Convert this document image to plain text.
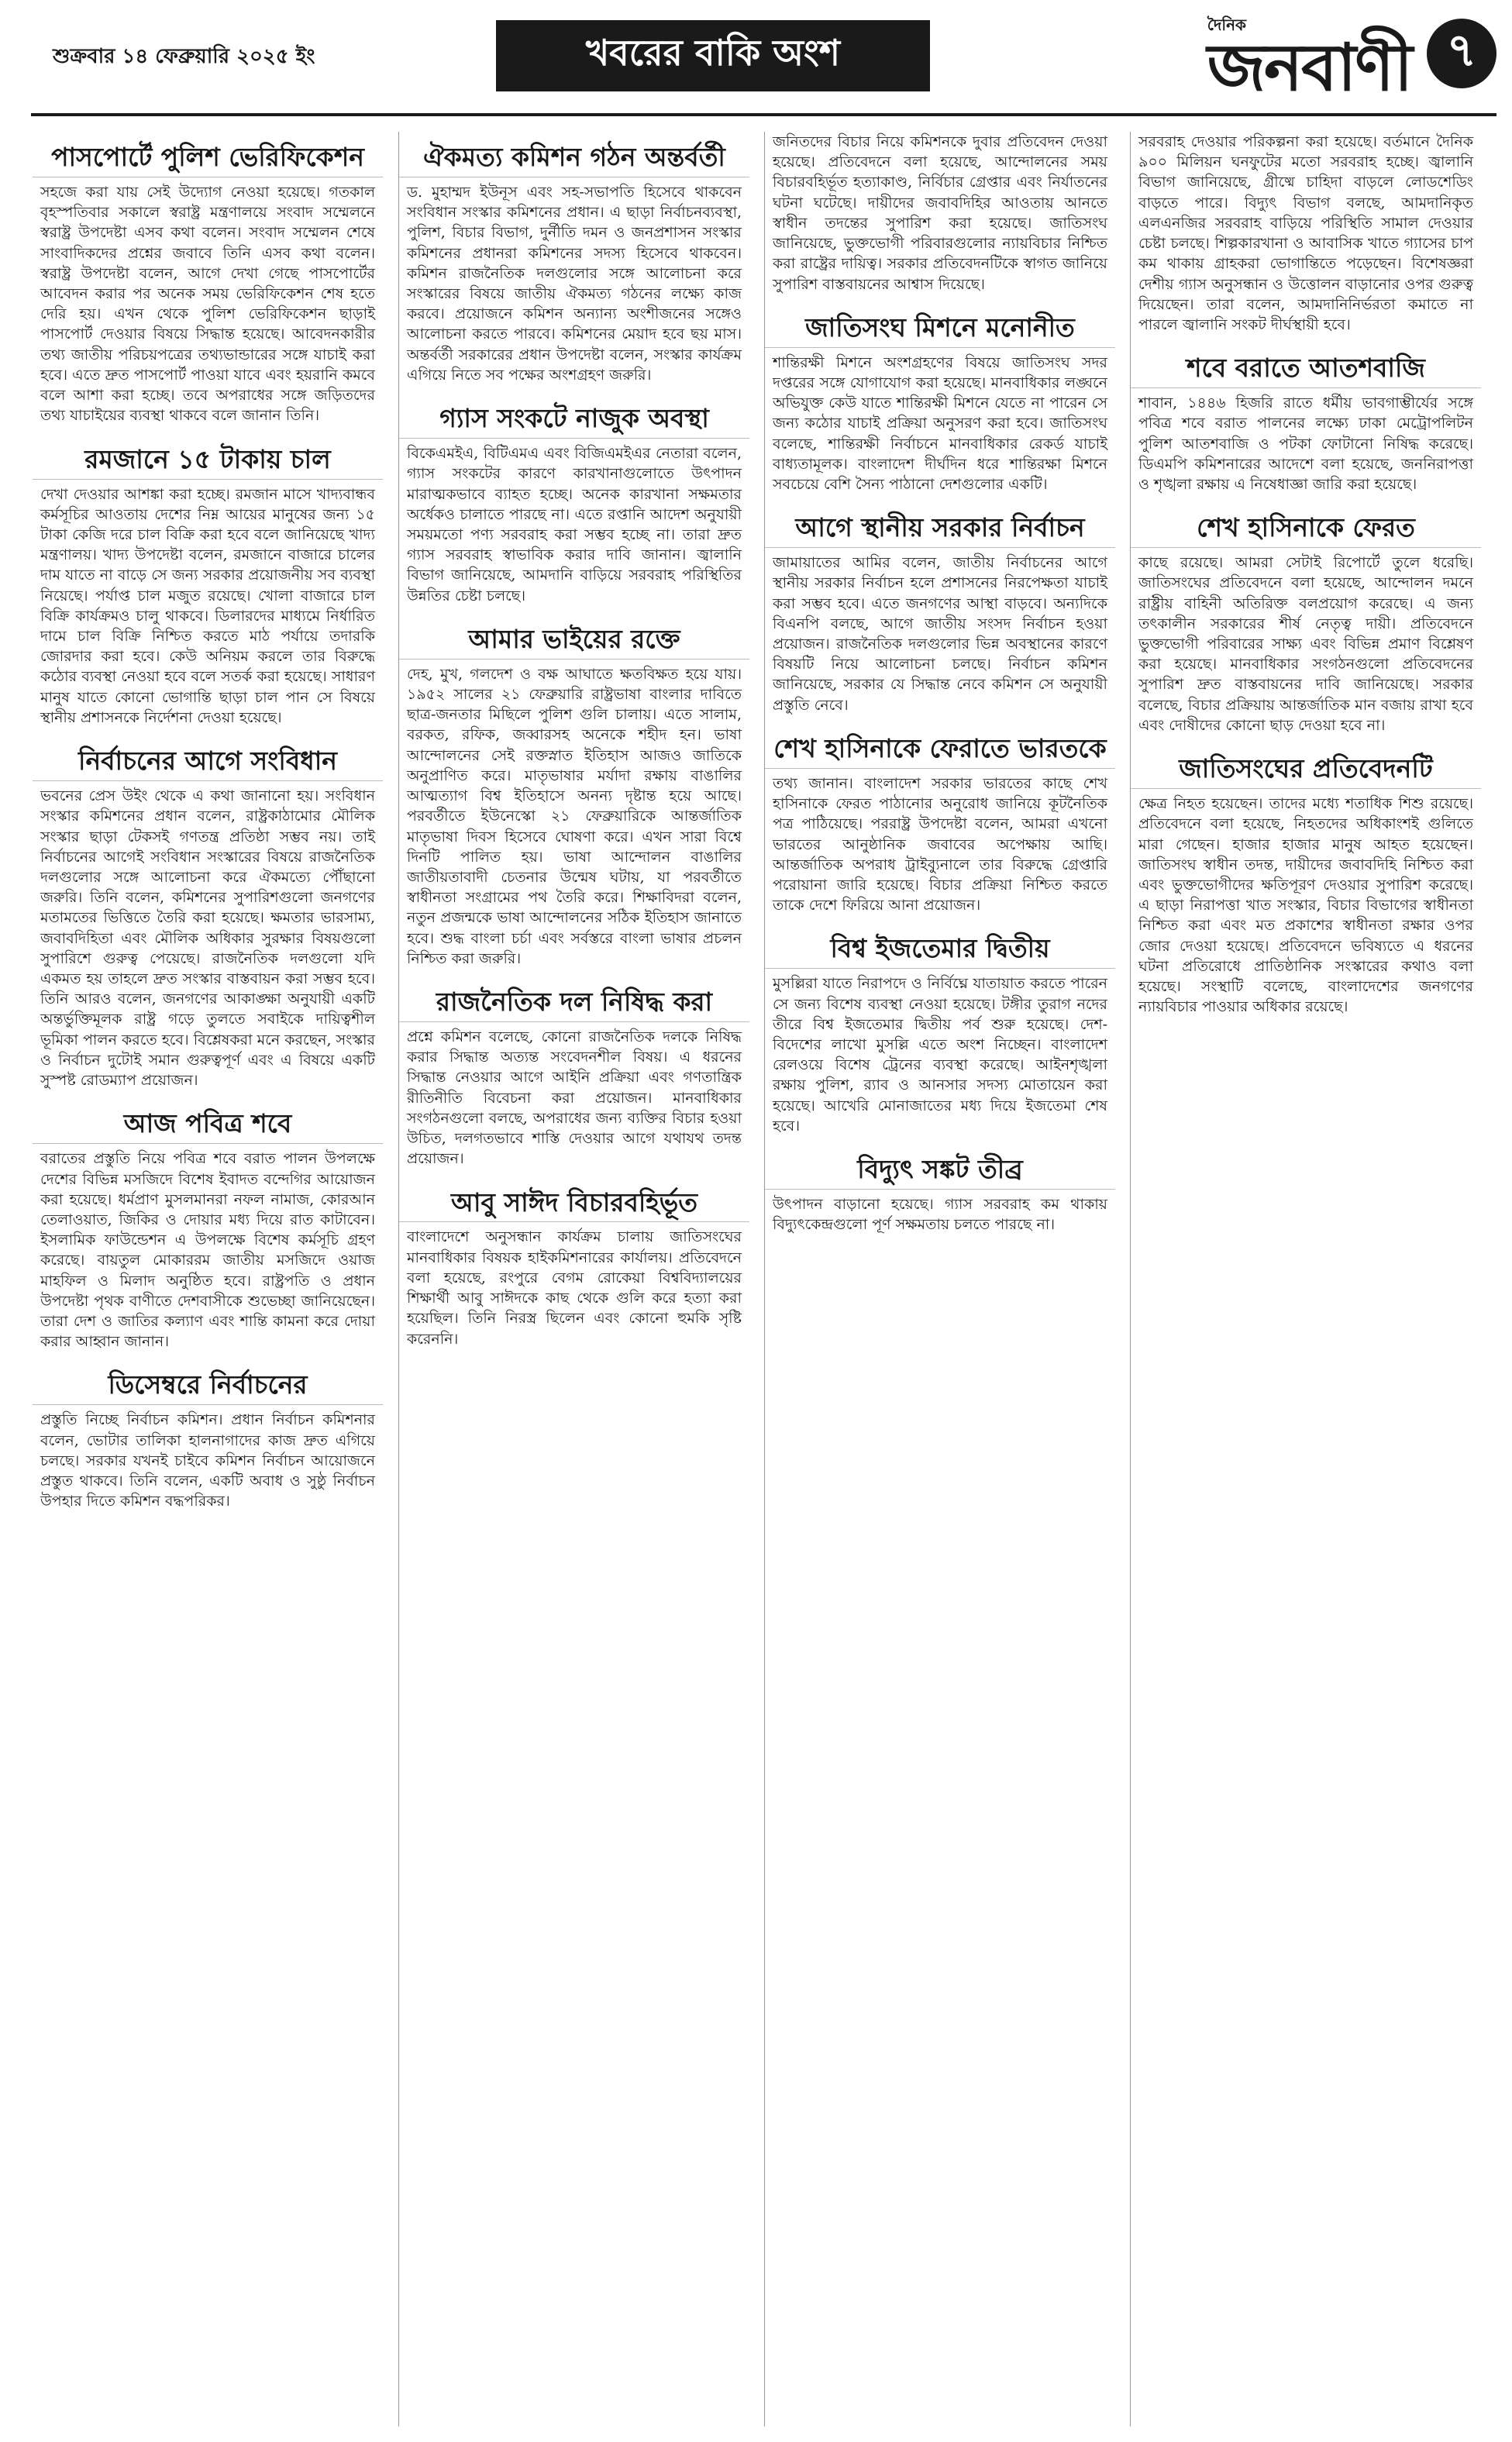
শুক্রবার ১৪ ফেব্রুয়ারি ২০২৫ ইং	খবরের বাকি অংশ
দৈনিক
জনবাণী ৭
পাসপোর্টে পুলিশ ভেরিফিকেশন

সহজে করা যায় সেই উদ্যোগ নেওয়া হয়েছে। গতকাল বৃহস্পতিবার সকালে স্বরাষ্ট্র মন্ত্রণালয়ে সংবাদ সম্মেলনে স্বরাষ্ট্র উপদেষ্টা এসব কথা বলেন। সংবাদ সম্মেলন শেষে সাংবাদিকদের প্রশ্নের জবাবে তিনি এসব কথা বলেন। স্বরাষ্ট্র উপদেষ্টা বলেন, আগে দেখা গেছে পাসপোর্টের আবেদন করার পর অনেক সময় ভেরিফিকেশন শেষ হতে দেরি হয়। এখন থেকে পুলিশ ভেরিফিকেশন ছাড়াই পাসপোর্ট দেওয়ার বিষয়ে সিদ্ধান্ত হয়েছে। আবেদনকারীর তথ্য জাতীয় পরিচয়পত্রের তথ্যভান্ডারের সঙ্গে যাচাই করা হবে। এতে দ্রুত পাসপোর্ট পাওয়া যাবে এবং হয়রানি কমবে বলে আশা করা হচ্ছে। তবে অপরাধের সঙ্গে জড়িতদের তথ্য যাচাইয়ের ব্যবস্থা থাকবে বলে জানান তিনি।

রমজানে ১৫ টাকায় চাল

দেখা দেওয়ার আশঙ্কা করা হচ্ছে। রমজান মাসে খাদ্যবান্ধব কর্মসূচির আওতায় দেশের নিম্ন আয়ের মানুষের জন্য ১৫ টাকা কেজি দরে চাল বিক্রি করা হবে বলে জানিয়েছে খাদ্য মন্ত্রণালয়। খাদ্য উপদেষ্টা বলেন, রমজানে বাজারে চালের দাম যাতে না বাড়ে সে জন্য সরকার প্রয়োজনীয় সব ব্যবস্থা নিয়েছে। পর্যাপ্ত চাল মজুত রয়েছে। খোলা বাজারে চাল বিক্রি কার্যক্রমও চালু থাকবে। ডিলারদের মাধ্যমে নির্ধারিত দামে চাল বিক্রি নিশ্চিত করতে মাঠ পর্যায়ে তদারকি জোরদার করা হবে। কেউ অনিয়ম করলে তার বিরুদ্ধে কঠোর ব্যবস্থা নেওয়া হবে বলে সতর্ক করা হয়েছে। সাধারণ মানুষ যাতে কোনো ভোগান্তি ছাড়া চাল পান সে বিষয়ে স্থানীয় প্রশাসনকে নির্দেশনা দেওয়া হয়েছে।

নির্বাচনের আগে সংবিধান

ভবনের প্রেস উইং থেকে এ কথা জানানো হয়। সংবিধান সংস্কার কমিশনের প্রধান বলেন, রাষ্ট্রকাঠামোর মৌলিক সংস্কার ছাড়া টেকসই গণতন্ত্র প্রতিষ্ঠা সম্ভব নয়। তাই নির্বাচনের আগেই সংবিধান সংস্কারের বিষয়ে রাজনৈতিক দলগুলোর সঙ্গে আলোচনা করে ঐকমত্যে পৌঁছানো জরুরি। তিনি বলেন, কমিশনের সুপারিশগুলো জনগণের মতামতের ভিত্তিতে তৈরি করা হয়েছে। ক্ষমতার ভারসাম্য, জবাবদিহিতা এবং মৌলিক অধিকার সুরক্ষার বিষয়গুলো সুপারিশে গুরুত্ব পেয়েছে। রাজনৈতিক দলগুলো যদি একমত হয় তাহলে দ্রুত সংস্কার বাস্তবায়ন করা সম্ভব হবে। তিনি আরও বলেন, জনগণের আকাঙ্ক্ষা অনুযায়ী একটি অন্তর্ভুক্তিমূলক রাষ্ট্র গড়ে তুলতে সবাইকে দায়িত্বশীল ভূমিকা পালন করতে হবে। বিশ্লেষকরা মনে করছেন, সংস্কার ও নির্বাচন দুটোই সমান গুরুত্বপূর্ণ এবং এ বিষয়ে একটি সুস্পষ্ট রোডম্যাপ প্রয়োজন।

আজ পবিত্র শবে

বরাতের প্রস্তুতি নিয়ে পবিত্র শবে বরাত পালন উপলক্ষে দেশের বিভিন্ন মসজিদে বিশেষ ইবাদত বন্দেগির আয়োজন করা হয়েছে। ধর্মপ্রাণ মুসলমানরা নফল নামাজ, কোরআন তেলাওয়াত, জিকির ও দোয়ার মধ্য দিয়ে রাত কাটাবেন। ইসলামিক ফাউন্ডেশন এ উপলক্ষে বিশেষ কর্মসূচি গ্রহণ করেছে। বায়তুল মোকাররম জাতীয় মসজিদে ওয়াজ মাহফিল ও মিলাদ অনুষ্ঠিত হবে। রাষ্ট্রপতি ও প্রধান উপদেষ্টা পৃথক বাণীতে দেশবাসীকে শুভেচ্ছা জানিয়েছেন। তারা দেশ ও জাতির কল্যাণ এবং শান্তি কামনা করে দোয়া করার আহ্বান জানান।

ডিসেম্বরে নির্বাচনের

প্রস্তুতি নিচ্ছে নির্বাচন কমিশন। প্রধান নির্বাচন কমিশনার বলেন, ভোটার তালিকা হালনাগাদের কাজ দ্রুত এগিয়ে চলছে। সরকার যখনই চাইবে কমিশন নির্বাচন আয়োজনে প্রস্তুত থাকবে। তিনি বলেন, একটি অবাধ ও সুষ্ঠু নির্বাচন উপহার দিতে কমিশন বদ্ধপরিকর।

ঐকমত্য কমিশন গঠন অন্তর্বর্তী

ড. মুহাম্মদ ইউনূস এবং সহ-সভাপতি হিসেবে থাকবেন সংবিধান সংস্কার কমিশনের প্রধান। এ ছাড়া নির্বাচনব্যবস্থা, পুলিশ, বিচার বিভাগ, দুর্নীতি দমন ও জনপ্রশাসন সংস্কার কমিশনের প্রধানরা কমিশনের সদস্য হিসেবে থাকবেন। কমিশন রাজনৈতিক দলগুলোর সঙ্গে আলোচনা করে সংস্কারের বিষয়ে জাতীয় ঐকমত্য গঠনের লক্ষ্যে কাজ করবে। প্রয়োজনে কমিশন অন্যান্য অংশীজনের সঙ্গেও আলোচনা করতে পারবে। কমিশনের মেয়াদ হবে ছয় মাস। অন্তর্বর্তী সরকারের প্রধান উপদেষ্টা বলেন, সংস্কার কার্যক্রম এগিয়ে নিতে সব পক্ষের অংশগ্রহণ জরুরি।

গ্যাস সংকটে নাজুক অবস্থা

বিকেএমইএ, বিটিএমএ এবং বিজিএমইএর নেতারা বলেন, গ্যাস সংকটের কারণে কারখানাগুলোতে উৎপাদন মারাত্মকভাবে ব্যাহত হচ্ছে। অনেক কারখানা সক্ষমতার অর্ধেকও চালাতে পারছে না। এতে রপ্তানি আদেশ অনুযায়ী সময়মতো পণ্য সরবরাহ করা সম্ভব হচ্ছে না। তারা দ্রুত গ্যাস সরবরাহ স্বাভাবিক করার দাবি জানান। জ্বালানি বিভাগ জানিয়েছে, আমদানি বাড়িয়ে সরবরাহ পরিস্থিতির উন্নতির চেষ্টা চলছে।

আমার ভাইয়ের রক্তে

দেহ, মুখ, গলদেশ ও বক্ষ আঘাতে ক্ষতবিক্ষত হয়ে যায়। ১৯৫২ সালের ২১ ফেব্রুয়ারি রাষ্ট্রভাষা বাংলার দাবিতে ছাত্র-জনতার মিছিলে পুলিশ গুলি চালায়। এতে সালাম, বরকত, রফিক, জব্বারসহ অনেকে শহীদ হন। ভাষা আন্দোলনের সেই রক্তস্নাত ইতিহাস আজও জাতিকে অনুপ্রাণিত করে। মাতৃভাষার মর্যাদা রক্ষায় বাঙালির আত্মত্যাগ বিশ্ব ইতিহাসে অনন্য দৃষ্টান্ত হয়ে আছে। পরবর্তীতে ইউনেস্কো ২১ ফেব্রুয়ারিকে আন্তর্জাতিক মাতৃভাষা দিবস হিসেবে ঘোষণা করে। এখন সারা বিশ্বে দিনটি পালিত হয়। ভাষা আন্দোলন বাঙালির জাতীয়তাবাদী চেতনার উন্মেষ ঘটায়, যা পরবর্তীতে স্বাধীনতা সংগ্রামের পথ তৈরি করে। শিক্ষাবিদরা বলেন, নতুন প্রজন্মকে ভাষা আন্দোলনের সঠিক ইতিহাস জানাতে হবে। শুদ্ধ বাংলা চর্চা এবং সর্বস্তরে বাংলা ভাষার প্রচলন নিশ্চিত করা জরুরি।

রাজনৈতিক দল নিষিদ্ধ করা

প্রশ্নে কমিশন বলেছে, কোনো রাজনৈতিক দলকে নিষিদ্ধ করার সিদ্ধান্ত অত্যন্ত সংবেদনশীল বিষয়। এ ধরনের সিদ্ধান্ত নেওয়ার আগে আইনি প্রক্রিয়া এবং গণতান্ত্রিক রীতিনীতি বিবেচনা করা প্রয়োজন। মানবাধিকার সংগঠনগুলো বলছে, অপরাধের জন্য ব্যক্তির বিচার হওয়া উচিত, দলগতভাবে শাস্তি দেওয়ার আগে যথাযথ তদন্ত প্রয়োজন।

আবু সাঈদ বিচারবহির্ভূত

বাংলাদেশে অনুসন্ধান কার্যক্রম চালায় জাতিসংঘের মানবাধিকার বিষয়ক হাইকমিশনারের কার্যালয়। প্রতিবেদনে বলা হয়েছে, রংপুরে বেগম রোকেয়া বিশ্ববিদ্যালয়ের শিক্ষার্থী আবু সাঈদকে কাছ থেকে গুলি করে হত্যা করা হয়েছিল। তিনি নিরস্ত্র ছিলেন এবং কোনো হুমকি সৃষ্টি করেননি।

জনিতদের বিচার নিয়ে কমিশনকে দুবার প্রতিবেদন দেওয়া হয়েছে। প্রতিবেদনে বলা হয়েছে, আন্দোলনের সময় বিচারবহির্ভূত হত্যাকাণ্ড, নির্বিচার গ্রেপ্তার এবং নির্যাতনের ঘটনা ঘটেছে। দায়ীদের জবাবদিহির আওতায় আনতে স্বাধীন তদন্তের সুপারিশ করা হয়েছে। জাতিসংঘ জানিয়েছে, ভুক্তভোগী পরিবারগুলোর ন্যায়বিচার নিশ্চিত করা রাষ্ট্রের দায়িত্ব। সরকার প্রতিবেদনটিকে স্বাগত জানিয়ে সুপারিশ বাস্তবায়নের আশ্বাস দিয়েছে।

জাতিসংঘ মিশনে মনোনীত

শান্তিরক্ষী মিশনে অংশগ্রহণের বিষয়ে জাতিসংঘ সদর দপ্তরের সঙ্গে যোগাযোগ করা হয়েছে। মানবাধিকার লঙ্ঘনে অভিযুক্ত কেউ যাতে শান্তিরক্ষী মিশনে যেতে না পারেন সে জন্য কঠোর যাচাই প্রক্রিয়া অনুসরণ করা হবে। জাতিসংঘ বলেছে, শান্তিরক্ষী নির্বাচনে মানবাধিকার রেকর্ড যাচাই বাধ্যতামূলক। বাংলাদেশ দীর্ঘদিন ধরে শান্তিরক্ষা মিশনে সবচেয়ে বেশি সৈন্য পাঠানো দেশগুলোর একটি।

আগে স্থানীয় সরকার নির্বাচন

জামায়াতের আমির বলেন, জাতীয় নির্বাচনের আগে স্থানীয় সরকার নির্বাচন হলে প্রশাসনের নিরপেক্ষতা যাচাই করা সম্ভব হবে। এতে জনগণের আস্থা বাড়বে। অন্যদিকে বিএনপি বলছে, আগে জাতীয় সংসদ নির্বাচন হওয়া প্রয়োজন। রাজনৈতিক দলগুলোর ভিন্ন অবস্থানের কারণে বিষয়টি নিয়ে আলোচনা চলছে। নির্বাচন কমিশন জানিয়েছে, সরকার যে সিদ্ধান্ত নেবে কমিশন সে অনুযায়ী প্রস্তুতি নেবে।

শেখ হাসিনাকে ফেরাতে ভারতকে

তথ্য জানান। বাংলাদেশ সরকার ভারতের কাছে শেখ হাসিনাকে ফেরত পাঠানোর অনুরোধ জানিয়ে কূটনৈতিক পত্র পাঠিয়েছে। পররাষ্ট্র উপদেষ্টা বলেন, আমরা এখনো ভারতের আনুষ্ঠানিক জবাবের অপেক্ষায় আছি। আন্তর্জাতিক অপরাধ ট্রাইব্যুনালে তার বিরুদ্ধে গ্রেপ্তারি পরোয়ানা জারি হয়েছে। বিচার প্রক্রিয়া নিশ্চিত করতে তাকে দেশে ফিরিয়ে আনা প্রয়োজন।

বিশ্ব ইজতেমার দ্বিতীয়

মুসল্লিরা যাতে নিরাপদে ও নির্বিঘ্নে যাতায়াত করতে পারেন সে জন্য বিশেষ ব্যবস্থা নেওয়া হয়েছে। টঙ্গীর তুরাগ নদের তীরে বিশ্ব ইজতেমার দ্বিতীয় পর্ব শুরু হয়েছে। দেশ-বিদেশের লাখো মুসল্লি এতে অংশ নিচ্ছেন। বাংলাদেশ রেলওয়ে বিশেষ ট্রেনের ব্যবস্থা করেছে। আইনশৃঙ্খলা রক্ষায় পুলিশ, র‍্যাব ও আনসার সদস্য মোতায়েন করা হয়েছে। আখেরি মোনাজাতের মধ্য দিয়ে ইজতেমা শেষ হবে।

বিদ্যুৎ সঙ্কট তীব্র

উৎপাদন বাড়ানো হয়েছে। গ্যাস সরবরাহ কম থাকায় বিদ্যুৎকেন্দ্রগুলো পূর্ণ সক্ষমতায় চলতে পারছে না।

সরবরাহ দেওয়ার পরিকল্পনা করা হয়েছে। বর্তমানে দৈনিক ৯০০ মিলিয়ন ঘনফুটের মতো সরবরাহ হচ্ছে। জ্বালানি বিভাগ জানিয়েছে, গ্রীষ্মে চাহিদা বাড়লে লোডশেডিং বাড়তে পারে। বিদ্যুৎ বিভাগ বলছে, আমদানিকৃত এলএনজির সরবরাহ বাড়িয়ে পরিস্থিতি সামাল দেওয়ার চেষ্টা চলছে। শিল্পকারখানা ও আবাসিক খাতে গ্যাসের চাপ কম থাকায় গ্রাহকরা ভোগান্তিতে পড়েছেন। বিশেষজ্ঞরা দেশীয় গ্যাস অনুসন্ধান ও উত্তোলন বাড়ানোর ওপর গুরুত্ব দিয়েছেন। তারা বলেন, আমদানিনির্ভরতা কমাতে না পারলে জ্বালানি সংকট দীর্ঘস্থায়ী হবে।

শবে বরাতে আতশবাজি

শাবান, ১৪৪৬ হিজরি রাতে ধর্মীয় ভাবগাম্ভীর্যের সঙ্গে পবিত্র শবে বরাত পালনের লক্ষ্যে ঢাকা মেট্রোপলিটন পুলিশ আতশবাজি ও পটকা ফোটানো নিষিদ্ধ করেছে। ডিএমপি কমিশনারের আদেশে বলা হয়েছে, জননিরাপত্তা ও শৃঙ্খলা রক্ষায় এ নিষেধাজ্ঞা জারি করা হয়েছে।

শেখ হাসিনাকে ফেরত

কাছে রয়েছে। আমরা সেটাই রিপোর্টে তুলে ধরেছি। জাতিসংঘের প্রতিবেদনে বলা হয়েছে, আন্দোলন দমনে রাষ্ট্রীয় বাহিনী অতিরিক্ত বলপ্রয়োগ করেছে। এ জন্য তৎকালীন সরকারের শীর্ষ নেতৃত্ব দায়ী। প্রতিবেদনে ভুক্তভোগী পরিবারের সাক্ষ্য এবং বিভিন্ন প্রমাণ বিশ্লেষণ করা হয়েছে। মানবাধিকার সংগঠনগুলো প্রতিবেদনের সুপারিশ দ্রুত বাস্তবায়নের দাবি জানিয়েছে। সরকার বলেছে, বিচার প্রক্রিয়ায় আন্তর্জাতিক মান বজায় রাখা হবে এবং দোষীদের কোনো ছাড় দেওয়া হবে না।

জাতিসংঘের প্রতিবেদনটি

ক্ষেত্র নিহত হয়েছেন। তাদের মধ্যে শতাধিক শিশু রয়েছে। প্রতিবেদনে বলা হয়েছে, নিহতদের অধিকাংশই গুলিতে মারা গেছেন। হাজার হাজার মানুষ আহত হয়েছেন। জাতিসংঘ স্বাধীন তদন্ত, দায়ীদের জবাবদিহি নিশ্চিত করা এবং ভুক্তভোগীদের ক্ষতিপূরণ দেওয়ার সুপারিশ করেছে। এ ছাড়া নিরাপত্তা খাত সংস্কার, বিচার বিভাগের স্বাধীনতা নিশ্চিত করা এবং মত প্রকাশের স্বাধীনতা রক্ষার ওপর জোর দেওয়া হয়েছে। প্রতিবেদনে ভবিষ্যতে এ ধরনের ঘটনা প্রতিরোধে প্রাতিষ্ঠানিক সংস্কারের কথাও বলা হয়েছে। সংস্থাটি বলেছে, বাংলাদেশের জনগণের ন্যায়বিচার পাওয়ার অধিকার রয়েছে।
